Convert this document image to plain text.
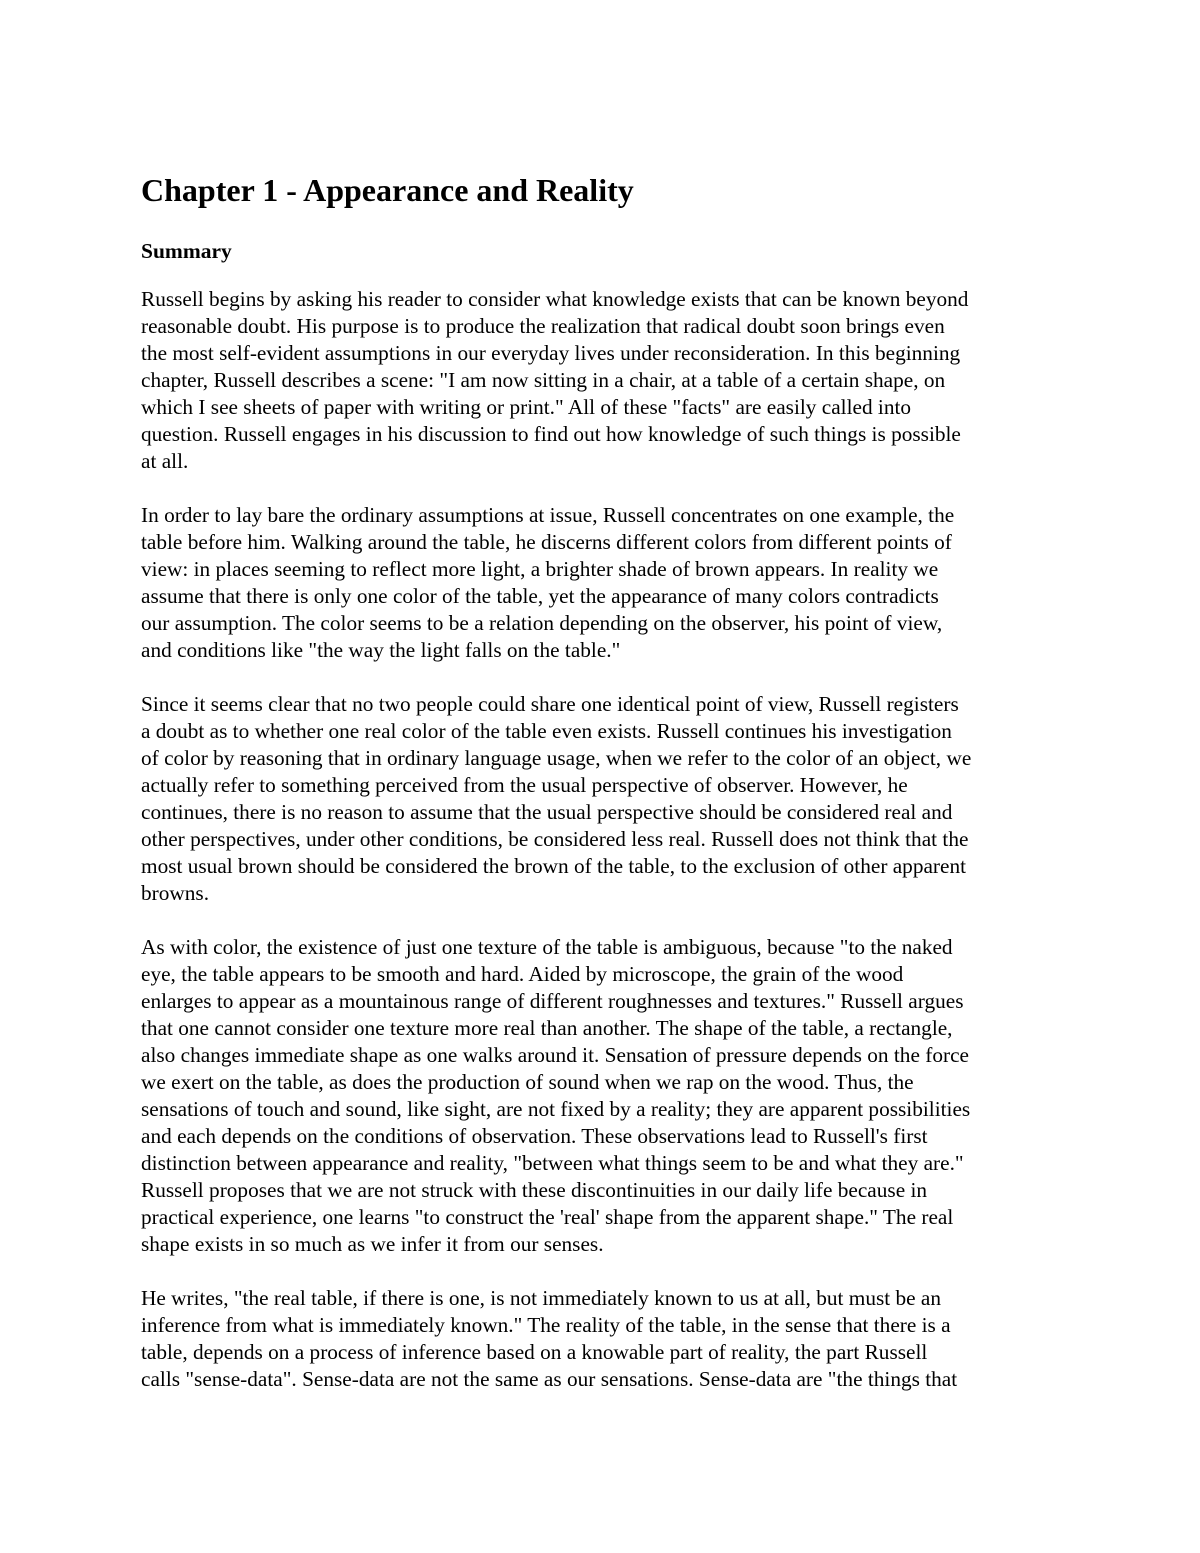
Chapter 1 - Appearance and Reality
Summary
Russell begins by asking his reader to consider what knowledge exists that can be known beyond
reasonable doubt. His purpose is to produce the realization that radical doubt soon brings even
the most self-evident assumptions in our everyday lives under reconsideration. In this beginning
chapter, Russell describes a scene: "I am now sitting in a chair, at a table of a certain shape, on
which I see sheets of paper with writing or print." All of these "facts" are easily called into
question. Russell engages in his discussion to find out how knowledge of such things is possible
at all.
In order to lay bare the ordinary assumptions at issue, Russell concentrates on one example, the
table before him. Walking around the table, he discerns different colors from different points of
view: in places seeming to reflect more light, a brighter shade of brown appears. In reality we
assume that there is only one color of the table, yet the appearance of many colors contradicts
our assumption. The color seems to be a relation depending on the observer, his point of view,
and conditions like "the way the light falls on the table."
Since it seems clear that no two people could share one identical point of view, Russell registers
a doubt as to whether one real color of the table even exists. Russell continues his investigation
of color by reasoning that in ordinary language usage, when we refer to the color of an object, we
actually refer to something perceived from the usual perspective of observer. However, he
continues, there is no reason to assume that the usual perspective should be considered real and
other perspectives, under other conditions, be considered less real. Russell does not think that the
most usual brown should be considered the brown of the table, to the exclusion of other apparent
browns.
As with color, the existence of just one texture of the table is ambiguous, because "to the naked
eye, the table appears to be smooth and hard. Aided by microscope, the grain of the wood
enlarges to appear as a mountainous range of different roughnesses and textures." Russell argues
that one cannot consider one texture more real than another. The shape of the table, a rectangle,
also changes immediate shape as one walks around it. Sensation of pressure depends on the force
we exert on the table, as does the production of sound when we rap on the wood. Thus, the
sensations of touch and sound, like sight, are not fixed by a reality; they are apparent possibilities
and each depends on the conditions of observation. These observations lead to Russell's first
distinction between appearance and reality, "between what things seem to be and what they are."
Russell proposes that we are not struck with these discontinuities in our daily life because in
practical experience, one learns "to construct the 'real' shape from the apparent shape." The real
shape exists in so much as we infer it from our senses.
He writes, "the real table, if there is one, is not immediately known to us at all, but must be an
inference from what is immediately known." The reality of the table, in the sense that there is a
table, depends on a process of inference based on a knowable part of reality, the part Russell
calls "sense-data". Sense-data are not the same as our sensations. Sense-data are "the things that
